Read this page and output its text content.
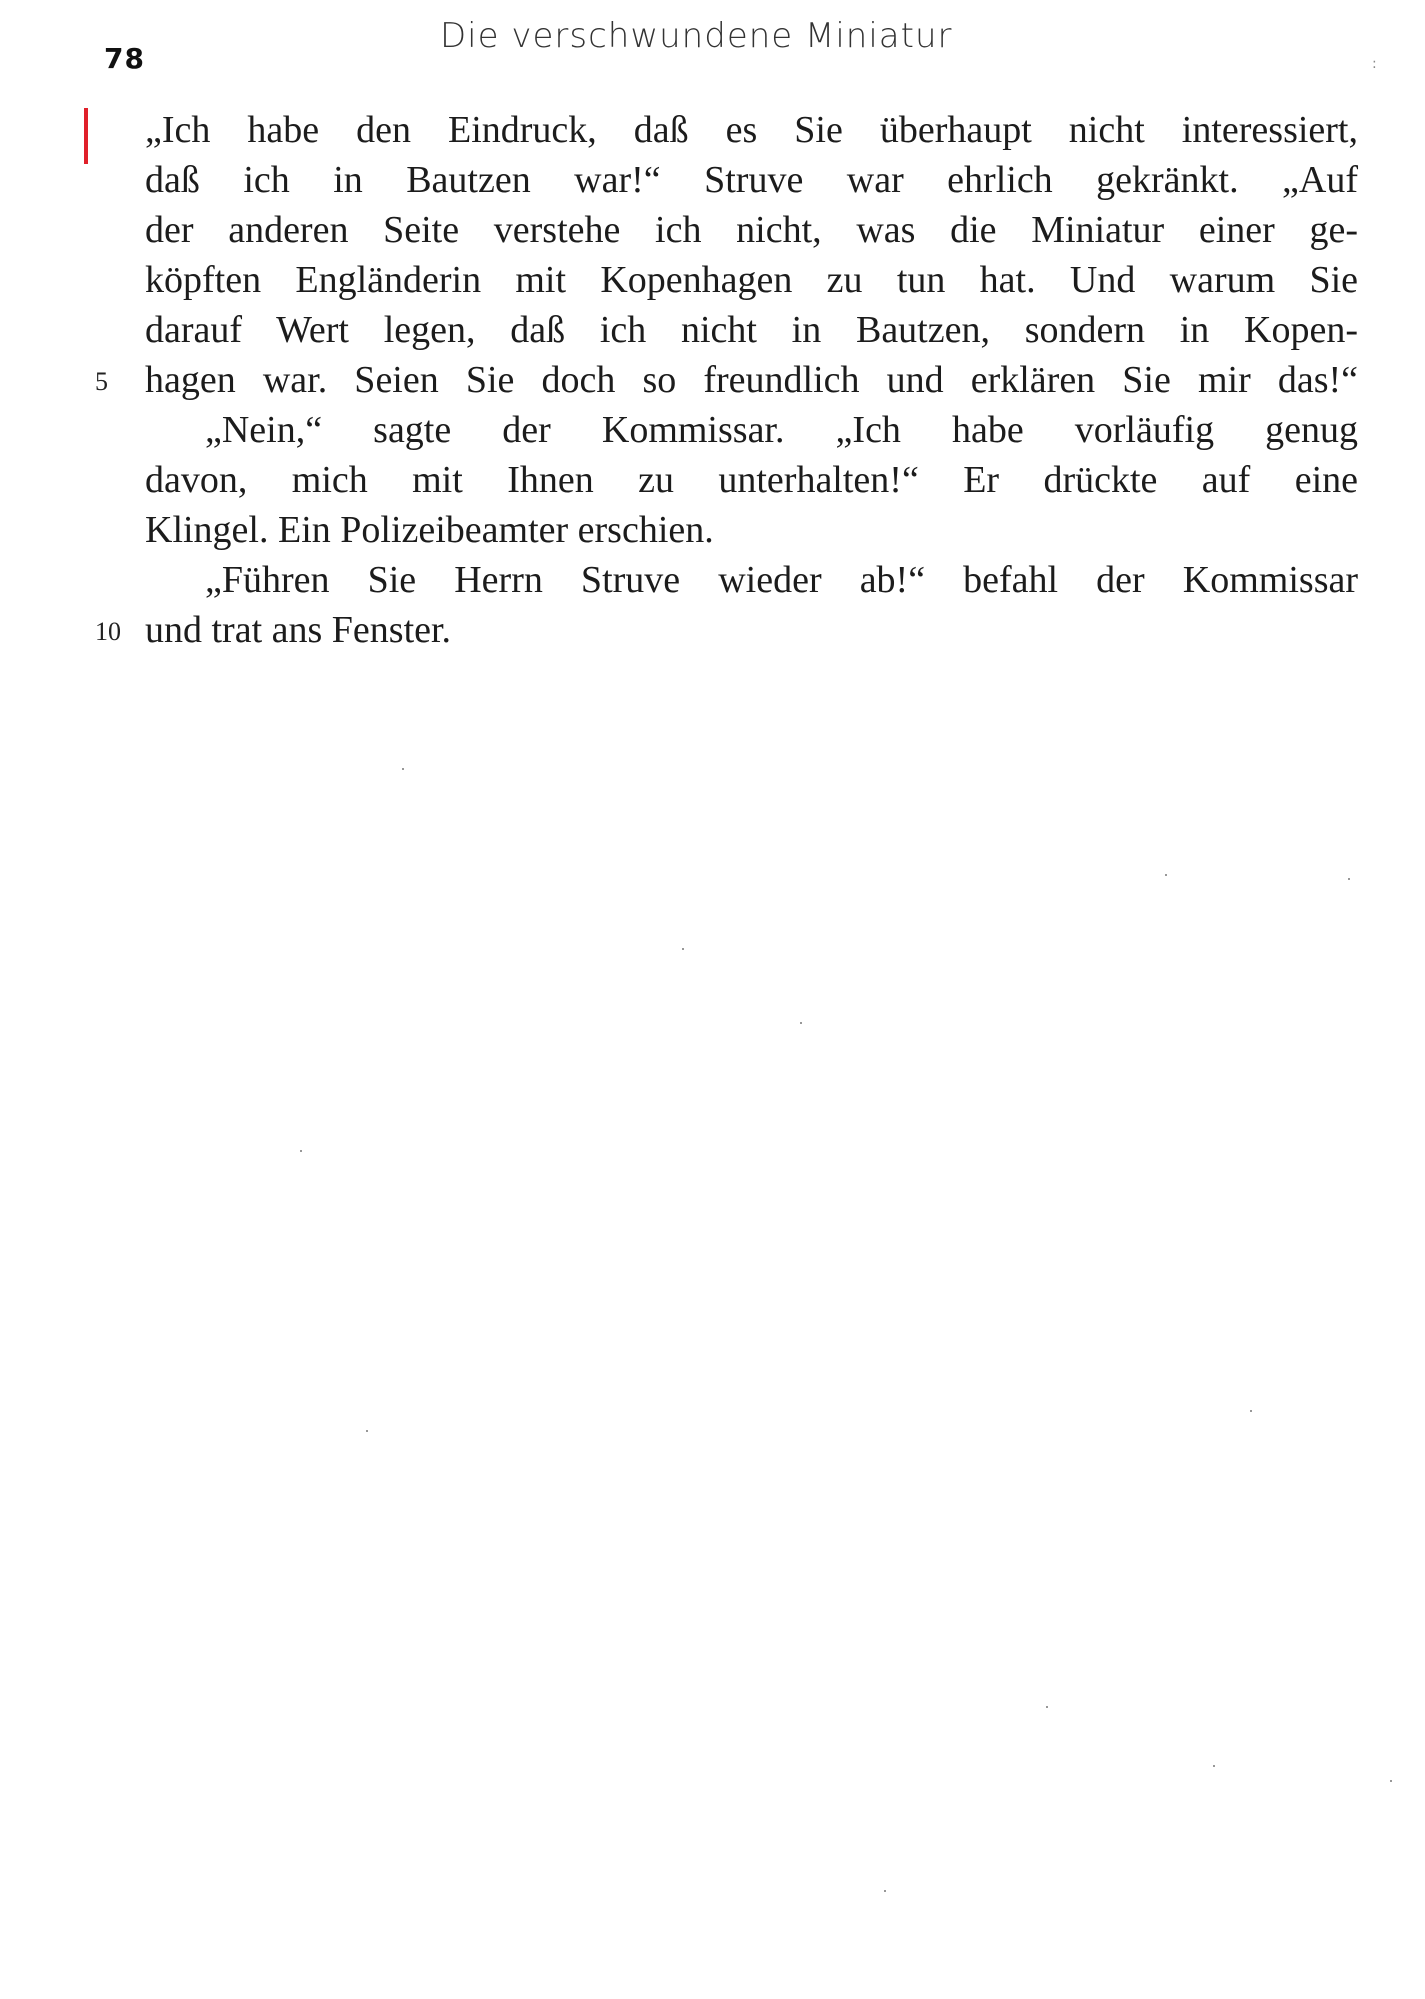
78
Die verschwundene Miniatur
:
„Ich habe den Eindruck, daß es Sie überhaupt nicht interessiert,
daß ich in Bautzen war!“ Struve war ehrlich gekränkt. „Auf
der anderen Seite verstehe ich nicht, was die Miniatur einer ge-
köpften Engländerin mit Kopenhagen zu tun hat. Und warum Sie
darauf Wert legen, daß ich nicht in Bautzen, sondern in Kopen-
5 hagen war. Seien Sie doch so freundlich und erklären Sie mir das!“
„Nein,“ sagte der Kommissar. „Ich habe vorläufig genug
davon, mich mit Ihnen zu unterhalten!“ Er drückte auf eine
Klingel. Ein Polizeibeamter erschien.
„Führen Sie Herrn Struve wieder ab!“ befahl der Kommissar
10 und trat ans Fenster.
